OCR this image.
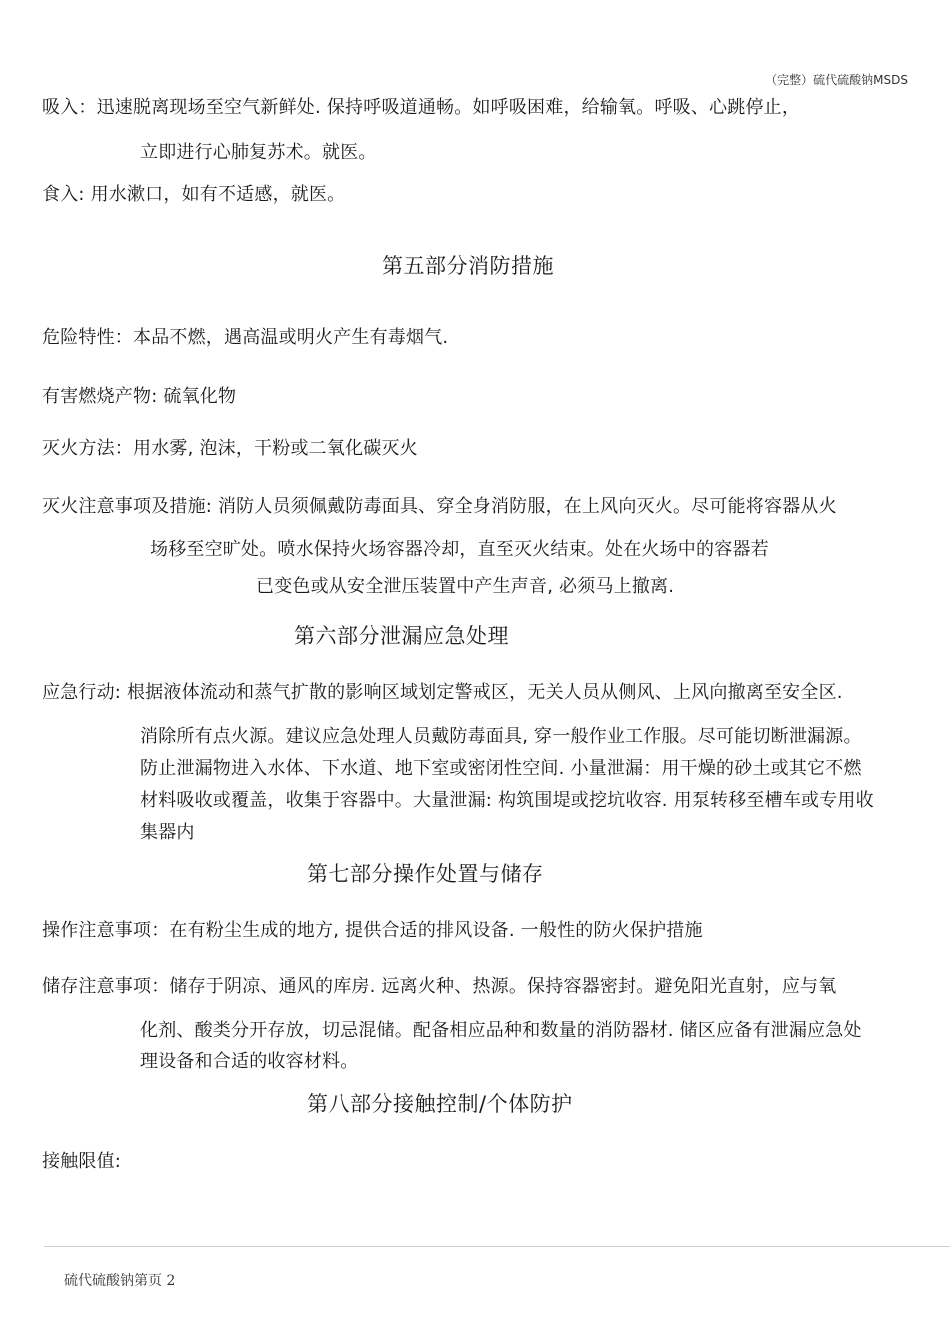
（完整）硫代硫酸钠MSDS
吸入：迅速脱离现场至空气新鲜处. 保持呼吸道通畅。如呼吸困难，给输氧。呼吸、心跳停止，
立即进行心肺复苏术。就医。
食入: 用水漱口，如有不适感，就医。
第五部分消防措施
危险特性：本品不燃，遇高温或明火产生有毒烟气.
有害燃烧产物: 硫氧化物
灭火方法：用水雾, 泡沫，干粉或二氧化碳灭火
灭火注意事项及措施: 消防人员须佩戴防毒面具、穿全身消防服，在上风向灭火。尽可能将容器从火
场移至空旷处。喷水保持火场容器冷却，直至灭火结束。处在火场中的容器若
已变色或从安全泄压装置中产生声音, 必须马上撤离.
第六部分泄漏应急处理
应急行动: 根据液体流动和蒸气扩散的影响区域划定警戒区，无关人员从侧风、上风向撤离至安全区.
消除所有点火源。建议应急处理人员戴防毒面具, 穿一般作业工作服。尽可能切断泄漏源。
防止泄漏物进入水体、下水道、地下室或密闭性空间. 小量泄漏：用干燥的砂土或其它不燃
材料吸收或覆盖，收集于容器中。大量泄漏: 构筑围堤或挖坑收容. 用泵转移至槽车或专用收
集器内
第七部分操作处置与储存
操作注意事项：在有粉尘生成的地方, 提供合适的排风设备. 一般性的防火保护措施
储存注意事项：储存于阴凉、通风的库房. 远离火种、热源。保持容器密封。避免阳光直射，应与氧
化剂、酸类分开存放，切忌混储。配备相应品种和数量的消防器材. 储区应备有泄漏应急处
理设备和合适的收容材料。
第八部分接触控制/个体防护
接触限值:
硫代硫酸钠第页 2
